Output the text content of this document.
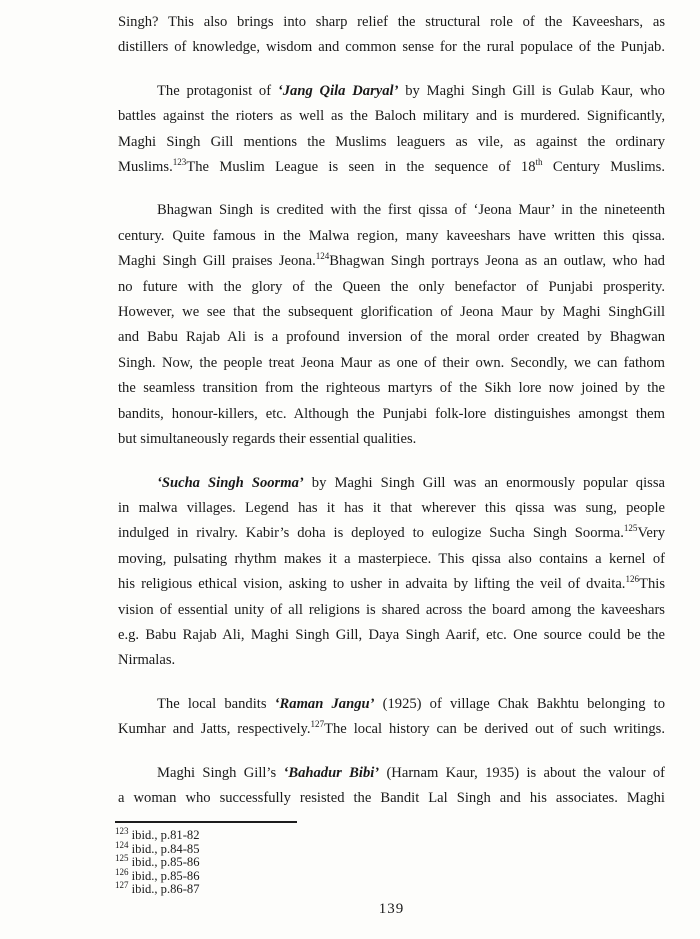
Singh? This also brings into sharp relief the structural role of the Kaveeshars, as
distillers of knowledge, wisdom and common sense for the rural populace of the Punjab.
The protagonist of ‘Jang Qila Daryal’ by Maghi Singh Gill is Gulab Kaur, who
battles against the rioters as well as the Baloch military and is murdered. Significantly,
Maghi Singh Gill mentions the Muslims leaguers as vile, as against the ordinary
Muslims.$^{123}$The Muslim League is seen in the sequence of 18th Century Muslims.
Bhagwan Singh is credited with the first qissa of ‘Jeona Maur’ in the nineteenth
century. Quite famous in the Malwa region, many kaveeshars have written this qissa.
Maghi Singh Gill praises Jeona.$^{124}$Bhagwan Singh portrays Jeona as an outlaw, who had
no future with the glory of the Queen the only benefactor of Punjabi prosperity.
However, we see that the subsequent glorification of Jeona Maur by Maghi SinghGill
and Babu Rajab Ali is a profound inversion of the moral order created by Bhagwan
Singh. Now, the people treat Jeona Maur as one of their own. Secondly, we can fathom
the seamless transition from the righteous martyrs of the Sikh lore now joined by the
bandits, honour-killers, etc. Although the Punjabi folk-lore distinguishes amongst them
but simultaneously regards their essential qualities.
‘Sucha Singh Soorma’ by Maghi Singh Gill was an enormously popular qissa
in malwa villages. Legend has it has it that wherever this qissa was sung, people
indulged in rivalry. Kabir’s doha is deployed to eulogize Sucha Singh Soorma.$^{125}$Very
moving, pulsating rhythm makes it a masterpiece. This qissa also contains a kernel of
his religious ethical vision, asking to usher in advaita by lifting the veil of dvaita.$^{126}$This
vision of essential unity of all religions is shared across the board among the kaveeshars
e.g. Babu Rajab Ali, Maghi Singh Gill, Daya Singh Aarif, etc. One source could be the
Nirmalas.
The local bandits ‘Raman Jangu’ (1925) of village Chak Bakhtu belonging to
Kumhar and Jatts, respectively.$^{127}$The local history can be derived out of such writings.
Maghi Singh Gill’s ‘Bahadur Bibi’ (Harnam Kaur, 1935) is about the valour of
a woman who successfully resisted the Bandit Lal Singh and his associates. Maghi
$^{123}$ ibid., p.81-82
$^{124}$ ibid., p.84-85
$^{125}$ ibid., p.85-86
$^{126}$ ibid., p.85-86
$^{127}$ ibid., p.86-87
139
